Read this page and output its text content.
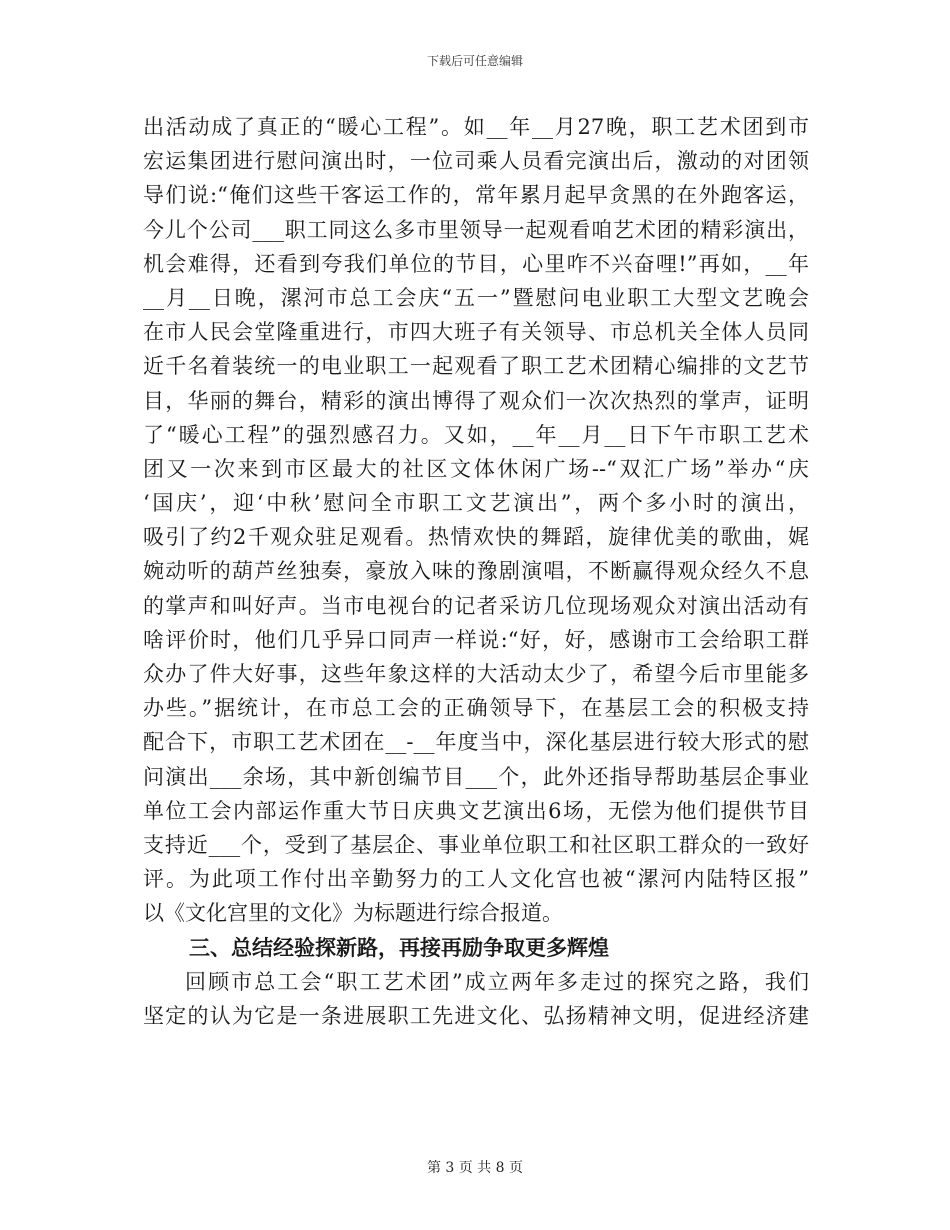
下载后可任意编辑
出活动成了真正的“暖心工程”。如__年__月27晚，职工艺术团到市
宏运集团进行慰问演出时，一位司乘人员看完演出后，激动的对团领
导们说:“俺们这些干客运工作的，常年累月起早贪黑的在外跑客运，
今儿个公司___职工同这么多市里领导一起观看咱艺术团的精彩演出，
机会难得，还看到夸我们单位的节目，心里咋不兴奋哩!”再如，__年
__月__日晚，漯河市总工会庆“五一”暨慰问电业职工大型文艺晚会
在市人民会堂隆重进行，市四大班子有关领导、市总机关全体人员同
近千名着装统一的电业职工一起观看了职工艺术团精心编排的文艺节
目，华丽的舞台，精彩的演出博得了观众们一次次热烈的掌声，证明
了“暖心工程”的强烈感召力。又如，__年__月__日下午市职工艺术
团又一次来到市区最大的社区文体休闲广场--“双汇广场”举办“庆
‘国庆’，迎‘中秋’慰问全市职工文艺演出”，两个多小时的演出，
吸引了约2千观众驻足观看。热情欢快的舞蹈，旋律优美的歌曲，娓
婉动听的葫芦丝独奏，豪放入味的豫剧演唱，不断赢得观众经久不息
的掌声和叫好声。当市电视台的记者采访几位现场观众对演出活动有
啥评价时，他们几乎异口同声一样说:“好，好，感谢市工会给职工群
众办了件大好事，这些年象这样的大活动太少了，希望今后市里能多
办些。”据统计，在市总工会的正确领导下，在基层工会的积极支持
配合下，市职工艺术团在__-__年度当中，深化基层进行较大形式的慰
问演出___余场，其中新创编节目___个，此外还指导帮助基层企事业
单位工会内部运作重大节日庆典文艺演出6场，无偿为他们提供节目
支持近___个，受到了基层企、事业单位职工和社区职工群众的一致好
评。为此项工作付出辛勤努力的工人文化宫也被“漯河内陆特区报”
以《文化宫里的文化》为标题进行综合报道。
三、总结经验探新路，再接再励争取更多辉煌
回顾市总工会“职工艺术团”成立两年多走过的探究之路，我们
坚定的认为它是一条进展职工先进文化、弘扬精神文明，促进经济建
第 3 页 共 8 页
